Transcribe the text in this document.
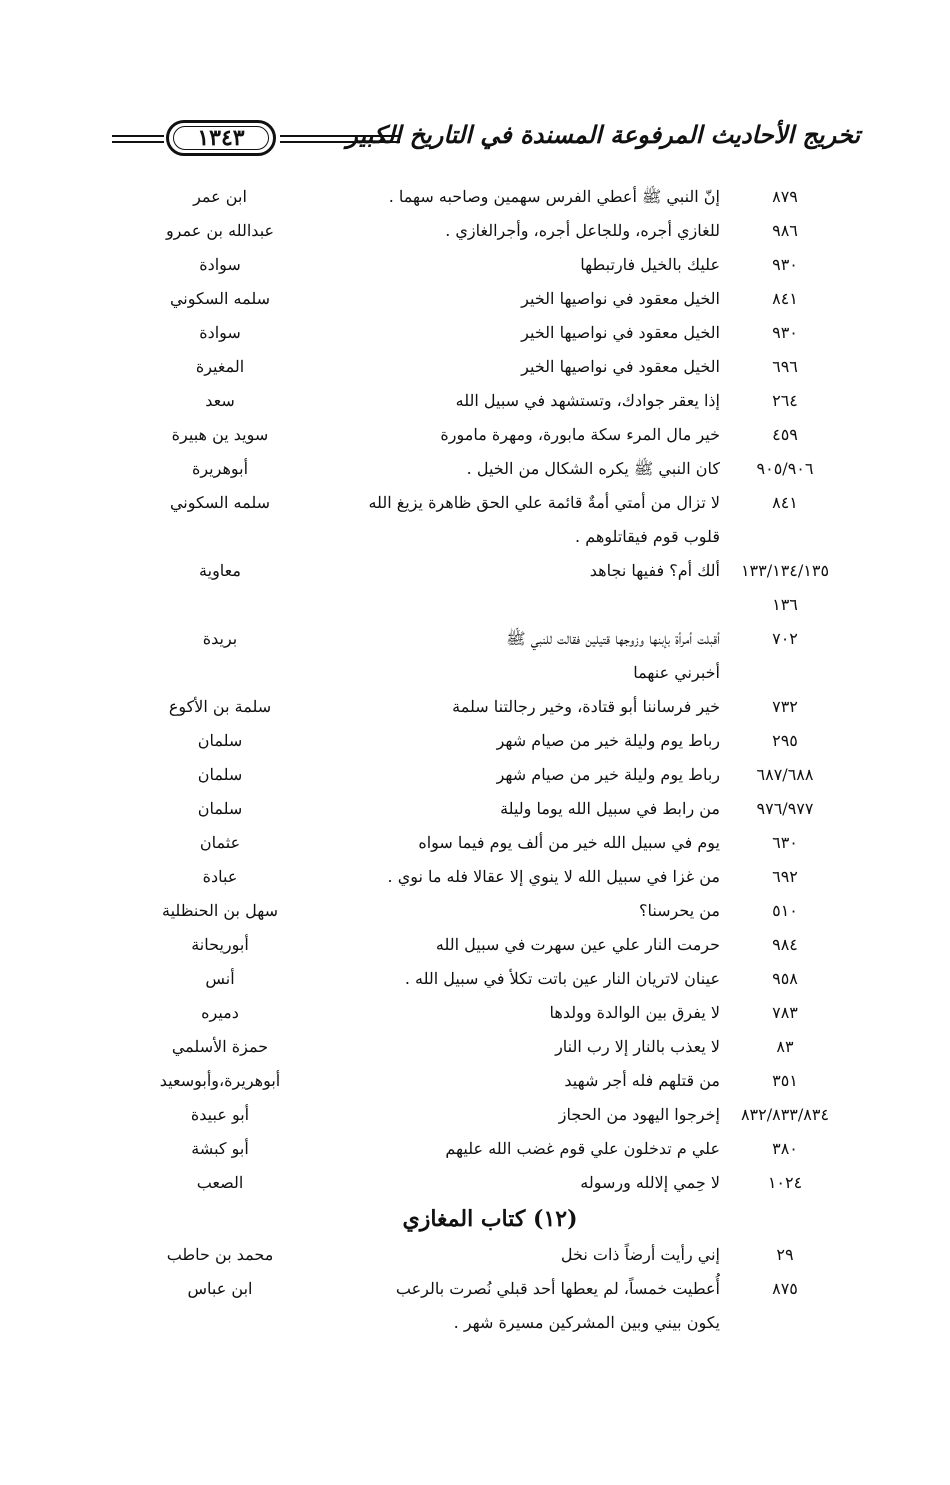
١٣٤٣	تخريج الأحاديث المرفوعة المسندة في التاريخ الكبير
٨٧٩
إنّ النبي ﷺ أعطي الفرس سهمين وصاحبه سهما .
ابن عمر
٩٨٦
للغازي أجره، وللجاعل أجره، وأجرالغازي .
عبدالله بن عمرو
٩٣٠
عليك بالخيل فارتبطها
سوادة
٨٤١
الخيل معقود في نواصيها الخير
سلمه السكوني
٩٣٠
الخيل معقود في نواصيها الخير
سوادة
٦٩٦
الخيل معقود في نواصيها الخير
المغيرة
٢٦٤
إذا يعقر جوادك، وتستشهد في سبيل الله
سعد
٤٥٩
خير مال المرء سكة مابورة، ومهرة مامورة
سويد ين هبيرة
٩٠٥/٩٠٦
كان النبي ﷺ يكره الشكال من الخيل .
أبوهريرة
٨٤١
لا تزال من أمتي أمةٌ قائمة علي الحق ظاهرة يزيغ الله
سلمه السكوني
قلوب قوم فيقاتلوهم .
١٣٣/١٣٤/١٣٥
ألك أم؟ ففيها نجاهد
معاوية
١٣٦
٧٠٢
أقبلت أمرأة بإبنها وزوجها قتيلين فقالت للنبي ﷺ
بريدة
أخبرني عنهما
٧٣٢
خير فرساننا أبو قتادة، وخير رجالتنا سلمة
سلمة بن الأكوع
٢٩٥
رباط يوم وليلة خير من صيام شهر
سلمان
٦٨٧/٦٨٨
رباط يوم وليلة خير من صيام شهر
سلمان
٩٧٦/٩٧٧
من رابط في سبيل الله يوما وليلة
سلمان
٦٣٠
يوم في سبيل الله خير من ألف يوم فيما سواه
عثمان
٦٩٢
من غزا في سبيل الله لا ينوي إلا عقالا فله ما نوي .
عبادة
٥١٠
من يحرسنا؟
سهل بن الحنظلية
٩٨٤
حرمت النار علي عين سهرت في سبيل الله
أبوريحانة
٩٥٨
عينان لاتريان النار عين باتت تكلأ في سبيل الله .
أنس
٧٨٣
لا يفرق بين الوالدة وولدها
دميره
٨٣
لا يعذب بالنار إلا رب النار
حمزة الأسلمي
٣٥١
من قتلهم فله أجر شهيد
أبوهريرة،وأبوسعيد
٨٣٢/٨٣٣/٨٣٤
إخرجوا اليهود من الحجاز
أبو عبيدة
٣٨٠
علي م تدخلون علي قوم غضب الله عليهم
أبو كبشة
١٠٢٤
لا حِمي إلالله ورسوله
الصعب
(١٢) كتاب المغازي
٢٩
إني رأيت أرضاً ذات نخل
محمد بن حاطب
٨٧٥
أُعطيت خمساً، لم يعطها أحد قبلي نُصرت بالرعب
ابن عباس
يكون بيني وبين المشركين مسيرة شهر .
